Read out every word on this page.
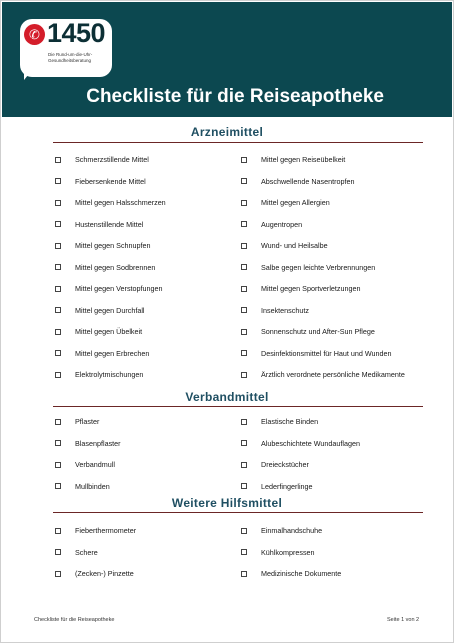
✆ 1450
Die Rund-um-die-Uhr-Gesundheitsberatung
Checkliste für die Reiseapotheke
Arzneimittel
Schmerzstillende Mittel
Fiebersenkende Mittel
Mittel gegen Halsschmerzen
Hustenstillende Mittel
Mittel gegen Schnupfen
Mittel gegen Sodbrennen
Mittel gegen Verstopfungen
Mittel gegen Durchfall
Mittel gegen Übelkeit
Mittel gegen Erbrechen
Elektrolytmischungen
Mittel gegen Reiseübelkeit
Abschwellende Nasentropfen
Mittel gegen Allergien
Augentropen
Wund- und Heilsalbe
Salbe gegen leichte Verbrennungen
Mittel gegen Sportverletzungen
Insektenschutz
Sonnenschutz und After-Sun Pflege
Desinfektionsmittel für Haut und Wunden
Ärztlich verordnete persönliche Medikamente
Verbandmittel
Pflaster
Blasenpflaster
Verbandmull
Mullbinden
Elastische Binden
Alubeschichtete Wundauflagen
Dreieckstücher
Lederfingerlinge
Weitere Hilfsmittel
Fieberthermometer
Schere
(Zecken-) Pinzette
Einmalhandschuhe
Kühlkompressen
Medizinische Dokumente
Checkliste für die Reiseapotheke	Seite 1 von 2
